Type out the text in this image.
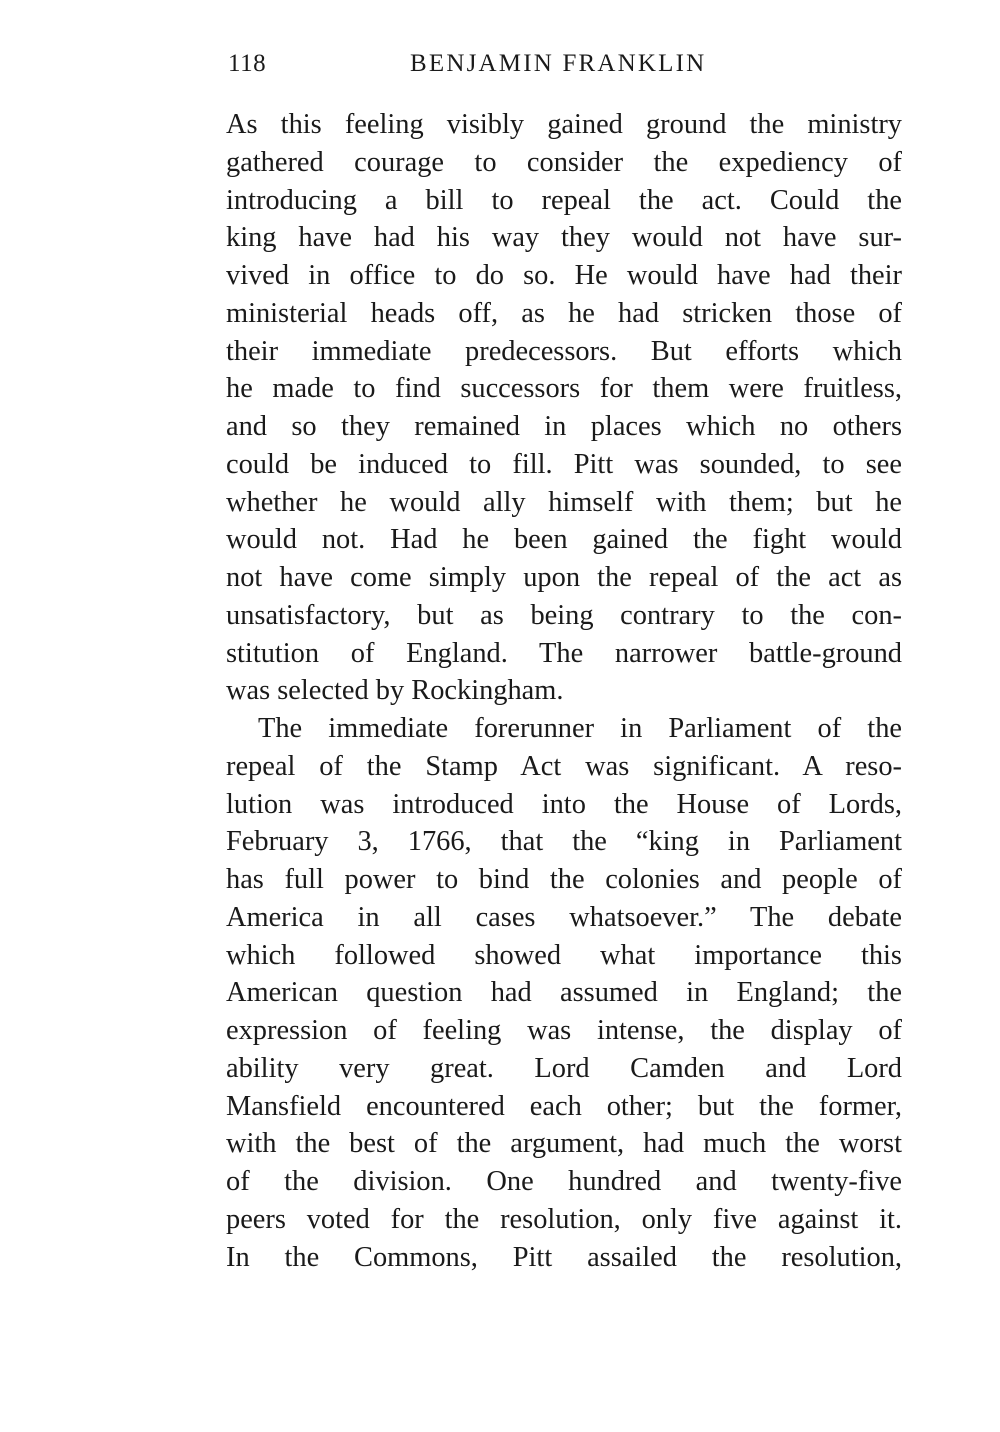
118	BENJAMIN FRANKLIN
As this feeling visibly gained ground the ministry
gathered courage to consider the expediency of
introducing a bill to repeal the act. Could the
king have had his way they would not have sur-
vived in office to do so. He would have had their
ministerial heads off, as he had stricken those of
their immediate predecessors. But efforts which
he made to find successors for them were fruitless,
and so they remained in places which no others
could be induced to fill. Pitt was sounded, to see
whether he would ally himself with them; but he
would not. Had he been gained the fight would
not have come simply upon the repeal of the act as
unsatisfactory, but as being contrary to the con-
stitution of England. The narrower battle-ground
was selected by Rockingham.
The immediate forerunner in Parliament of the
repeal of the Stamp Act was significant. A reso-
lution was introduced into the House of Lords,
February 3, 1766, that the “king in Parliament
has full power to bind the colonies and people of
America in all cases whatsoever.” The debate
which followed showed what importance this
American question had assumed in England; the
expression of feeling was intense, the display of
ability very great. Lord Camden and Lord
Mansfield encountered each other; but the former,
with the best of the argument, had much the worst
of the division. One hundred and twenty-five
peers voted for the resolution, only five against it.
In the Commons, Pitt assailed the resolution,
